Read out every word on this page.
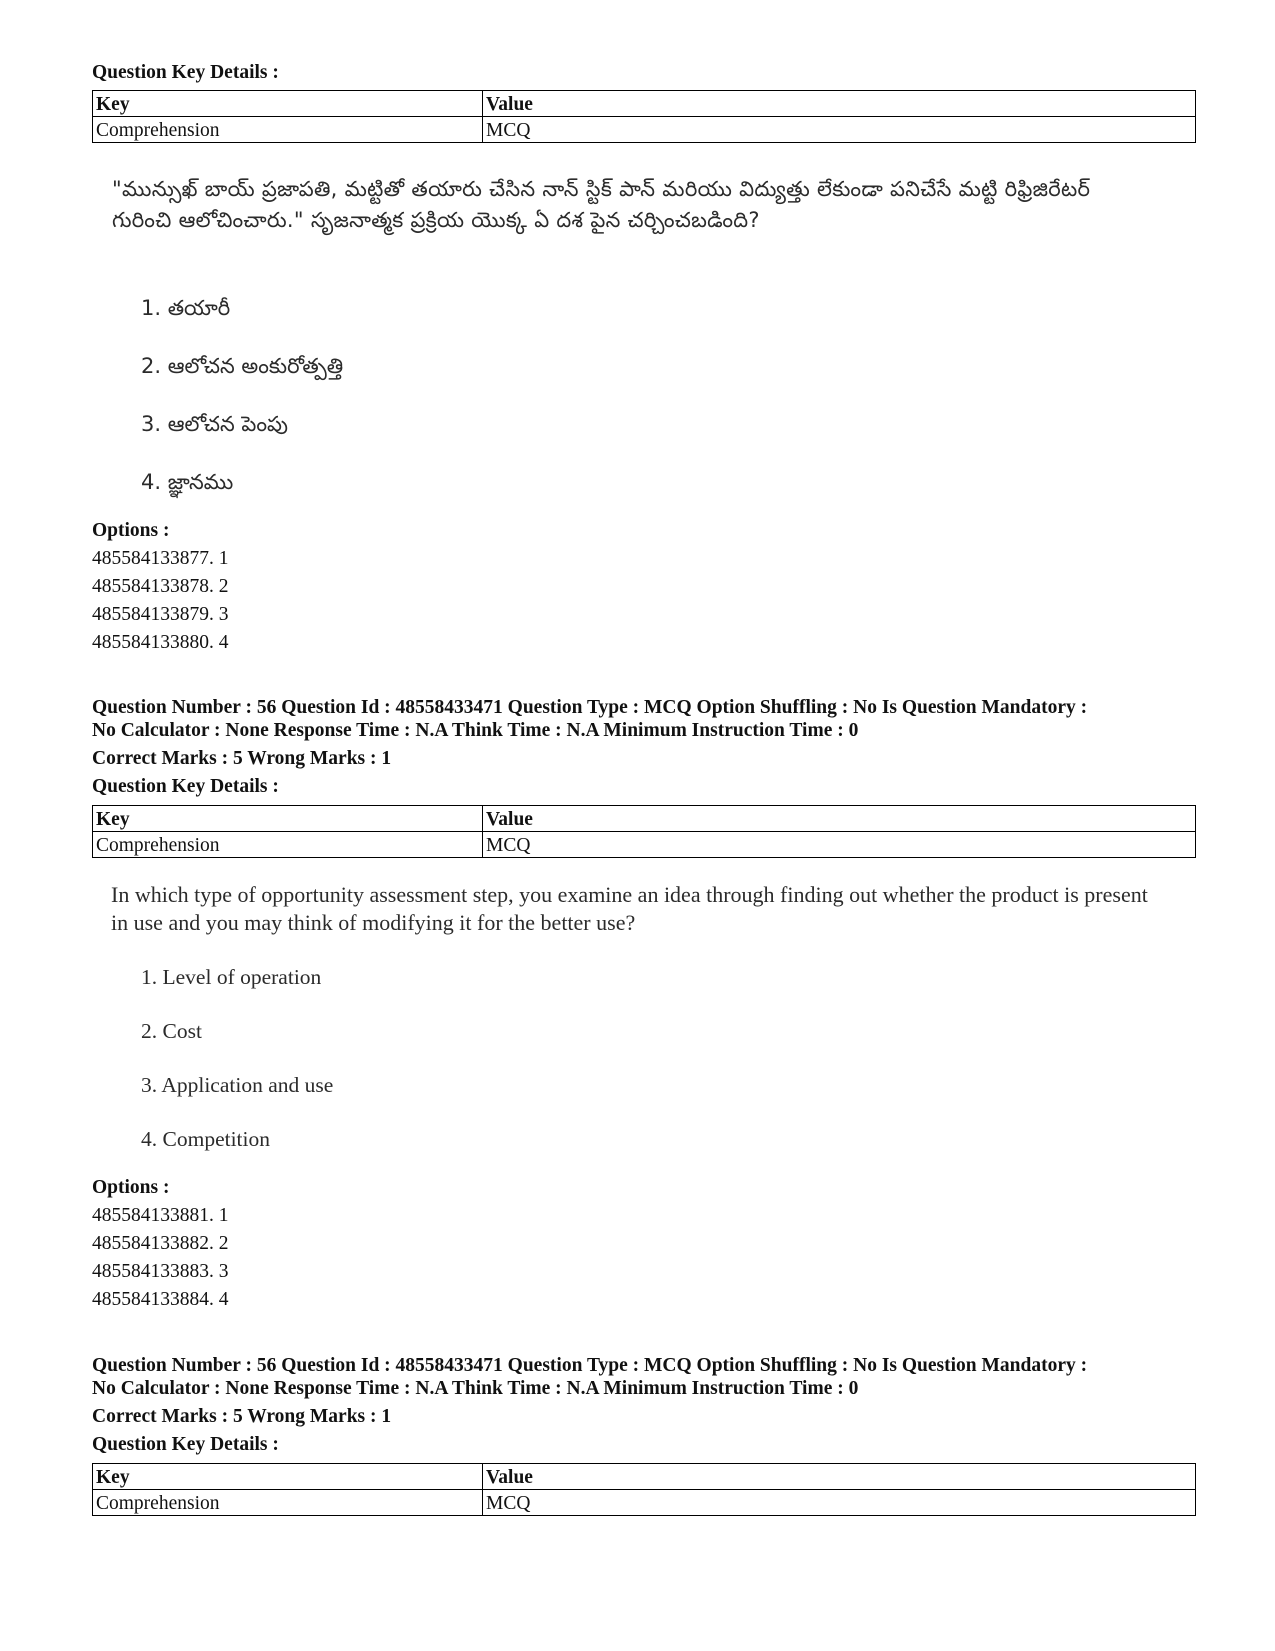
Question Key Details :
Key	Value
Comprehension	MCQ
"మున్సుఖ్ బాయ్ ప్రజాపతి, మట్టితో తయారు చేసిన నాన్ స్టిక్ పాన్ మరియు విద్యుత్తు లేకుండా పనిచేసే మట్టి రిఫ్రిజిరేటర్ గురించి ఆలోచించారు." సృజనాత్మక ప్రక్రియ యొక్క ఏ దశ పైన చర్చించబడింది?
1. తయారీ
2. ఆలోచన అంకురోత్పత్తి
3. ఆలోచన పెంపు
4. జ్ఞానము
Options :
485584133877. 1
485584133878. 2
485584133879. 3
485584133880. 4
Question Number : 56 Question Id : 48558433471 Question Type : MCQ Option Shuffling : No Is Question Mandatory :
No Calculator : None Response Time : N.A Think Time : N.A Minimum Instruction Time : 0
Correct Marks : 5 Wrong Marks : 1
Question Key Details :
Key	Value
Comprehension	MCQ
In which type of opportunity assessment step, you examine an idea through finding out whether the product is present in use and you may think of modifying it for the better use?
1. Level of operation
2. Cost
3. Application and use
4. Competition
Options :
485584133881. 1
485584133882. 2
485584133883. 3
485584133884. 4
Question Number : 56 Question Id : 48558433471 Question Type : MCQ Option Shuffling : No Is Question Mandatory :
No Calculator : None Response Time : N.A Think Time : N.A Minimum Instruction Time : 0
Correct Marks : 5 Wrong Marks : 1
Question Key Details :
Key	Value
Comprehension	MCQ
